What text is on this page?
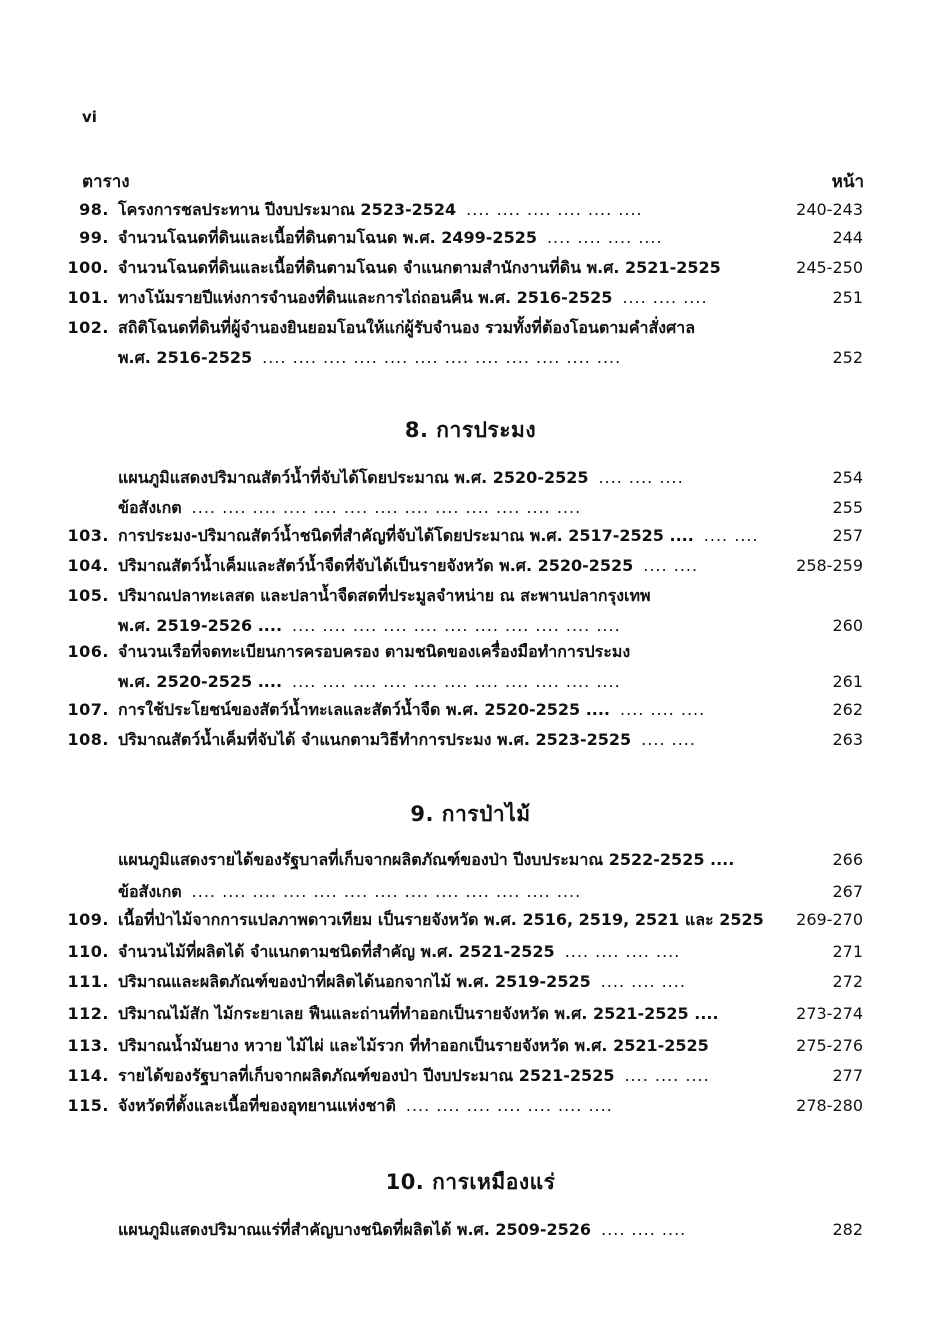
vi
ตาราง	หน้า
98. โครงการชลประทาน ปีงบประมาณ 2523-2524 .... .... .... .... .... ....	240-243
99. จำนวนโฉนดที่ดินและเนื้อที่ดินตามโฉนด พ.ศ. 2499-2525 .... .... .... ....	244
100. จำนวนโฉนดที่ดินและเนื้อที่ดินตามโฉนด จำแนกตามสำนักงานที่ดิน พ.ศ. 2521-2525	245-250
101. ทางโน้มรายปีแห่งการจำนองที่ดินและการไถ่ถอนคืน พ.ศ. 2516-2525 .... .... ....	251
102. สถิติโฉนดที่ดินที่ผู้จำนองยินยอมโอนให้แก่ผู้รับจำนอง รวมทั้งที่ต้องโอนตามคำสั่งศาล
พ.ศ. 2516-2525 .... .... .... .... .... .... .... .... .... .... .... ....	252
8. การประมง
แผนภูมิแสดงปริมาณสัตว์น้ำที่จับได้โดยประมาณ พ.ศ. 2520-2525 .... .... ....	254
ข้อสังเกต .... .... .... .... .... .... .... .... .... .... .... .... ....	255
103. การประมง-ปริมาณสัตว์น้ำชนิดที่สำคัญที่จับได้โดยประมาณ พ.ศ. 2517-2525 .... .... ....	257
104. ปริมาณสัตว์น้ำเค็มและสัตว์น้ำจืดที่จับได้เป็นรายจังหวัด พ.ศ. 2520-2525 .... ....	258-259
105. ปริมาณปลาทะเลสด และปลาน้ำจืดสดที่ประมูลจำหน่าย ณ สะพานปลากรุงเทพ
พ.ศ. 2519-2526 .... .... .... .... .... .... .... .... .... .... .... ....	260
106. จำนวนเรือที่จดทะเบียนการครอบครอง ตามชนิดของเครื่องมือทำการประมง
พ.ศ. 2520-2525 .... .... .... .... .... .... .... .... .... .... .... ....	261
107. การใช้ประโยชน์ของสัตว์น้ำทะเลและสัตว์น้ำจืด พ.ศ. 2520-2525 .... .... .... ....	262
108. ปริมาณสัตว์น้ำเค็มที่จับได้ จำแนกตามวิธีทำการประมง พ.ศ. 2523-2525 .... ....	263
9. การป่าไม้
แผนภูมิแสดงรายได้ของรัฐบาลที่เก็บจากผลิตภัณฑ์ของป่า ปีงบประมาณ 2522-2525 ....	266
ข้อสังเกต .... .... .... .... .... .... .... .... .... .... .... .... ....	267
109. เนื้อที่ป่าไม้จากการแปลภาพดาวเทียม เป็นรายจังหวัด พ.ศ. 2516, 2519, 2521 และ 2525	269-270
110. จำนวนไม้ที่ผลิตได้ จำแนกตามชนิดที่สำคัญ พ.ศ. 2521-2525 .... .... .... ....	271
111. ปริมาณและผลิตภัณฑ์ของป่าที่ผลิตได้นอกจากไม้ พ.ศ. 2519-2525 .... .... ....	272
112. ปริมาณไม้สัก ไม้กระยาเลย ฟืนและถ่านที่ทำออกเป็นรายจังหวัด พ.ศ. 2521-2525 ....	273-274
113. ปริมาณน้ำมันยาง หวาย ไม้ไผ่ และไม้รวก ที่ทำออกเป็นรายจังหวัด พ.ศ. 2521-2525	275-276
114. รายได้ของรัฐบาลที่เก็บจากผลิตภัณฑ์ของป่า ปีงบประมาณ 2521-2525 .... .... ....	277
115. จังหวัดที่ตั้งและเนื้อที่ของอุทยานแห่งชาติ .... .... .... .... .... .... ....	278-280
10. การเหมืองแร่
แผนภูมิแสดงปริมาณแร่ที่สำคัญบางชนิดที่ผลิตได้ พ.ศ. 2509-2526 .... .... ....	282
